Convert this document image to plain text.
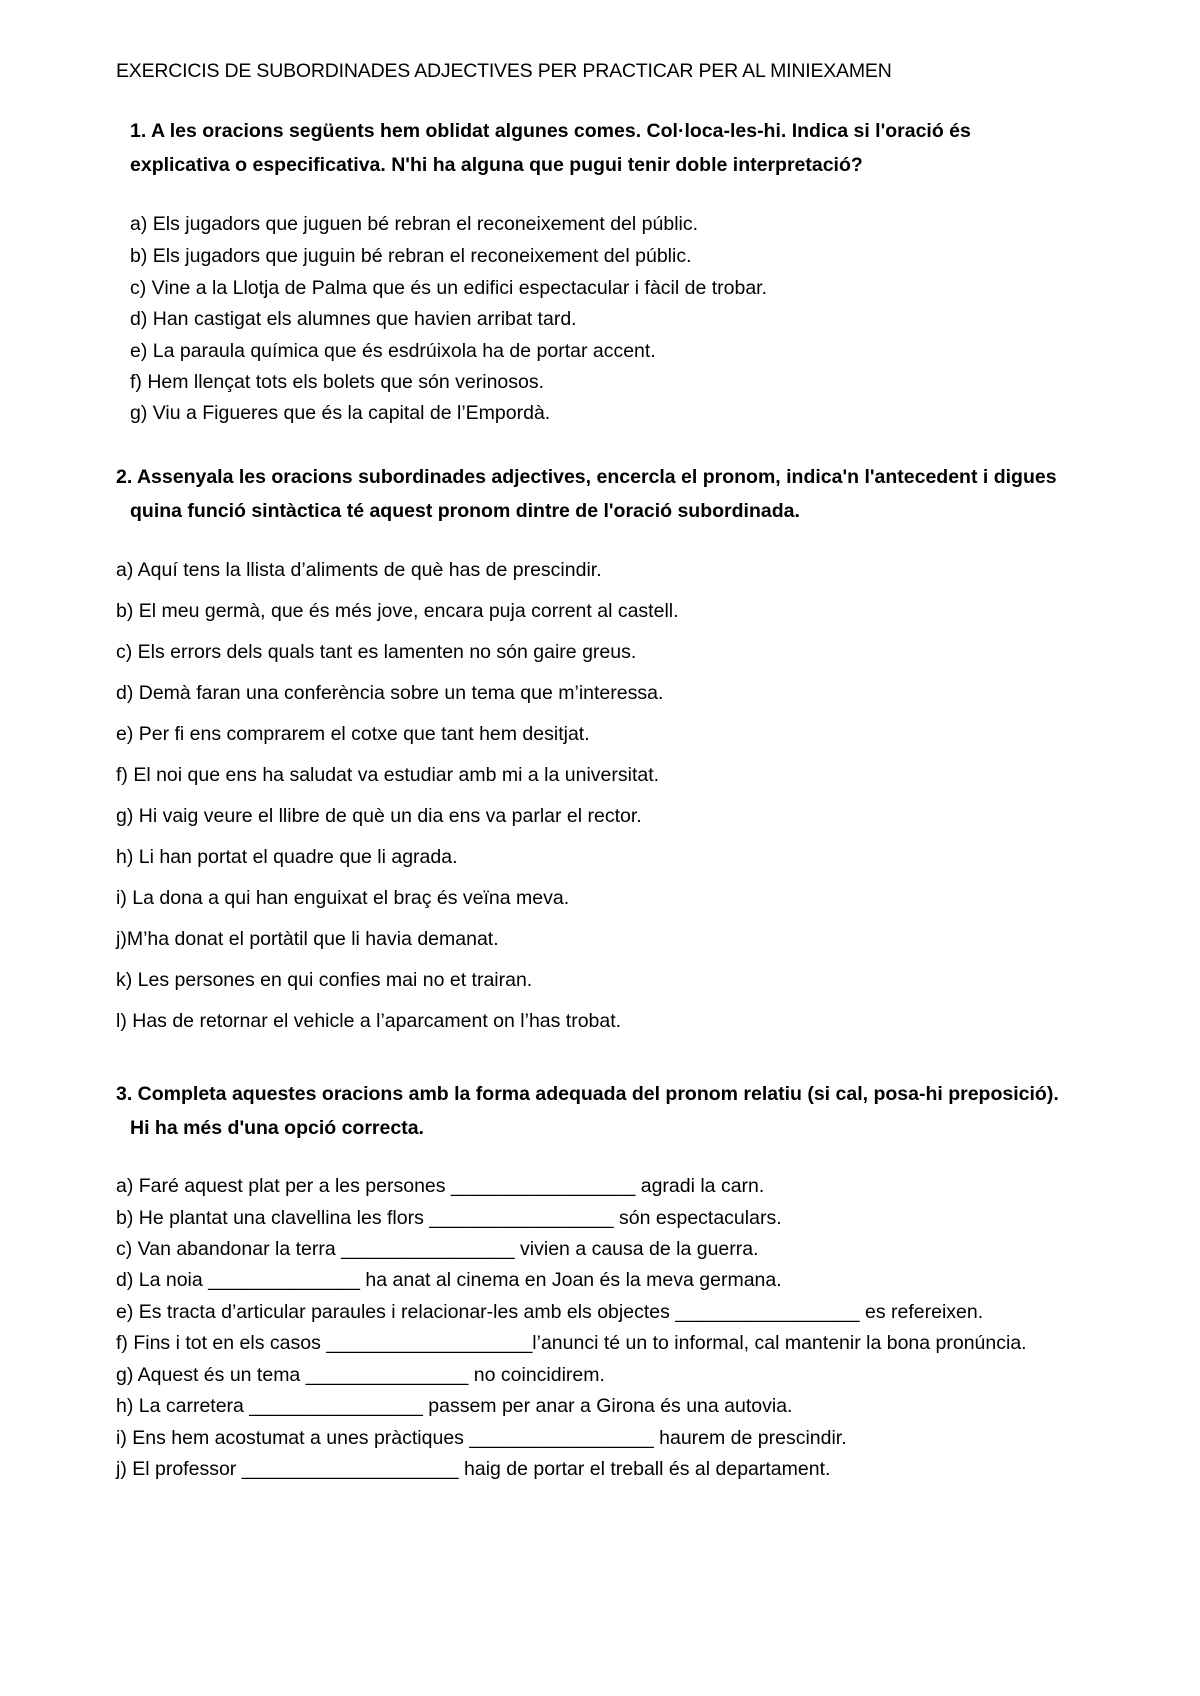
EXERCICIS DE SUBORDINADES ADJECTIVES PER PRACTICAR PER AL MINIEXAMEN
1. A les oracions següents hem oblidat algunes comes. Col·loca-les-hi. Indica si l'oració és
explicativa o especificativa. N'hi ha alguna que pugui tenir doble interpretació?
a) Els jugadors que juguen bé rebran el reconeixement del públic.
b) Els jugadors que juguin bé rebran el reconeixement del públic.
c) Vine a la Llotja de Palma que és un edifici espectacular i fàcil de trobar.
d) Han castigat els alumnes que havien arribat tard.
e) La paraula química que és esdrúixola ha de portar accent.
f) Hem llençat tots els bolets que són verinosos.
g) Viu a Figueres que és la capital de l’Empordà.
2. Assenyala les oracions subordinades adjectives, encercla el pronom, indica'n l'antecedent i digues
quina funció sintàctica té aquest pronom dintre de l'oració subordinada.
a) Aquí tens la llista d’aliments de què has de prescindir.
b) El meu germà, que és més jove, encara puja corrent al castell.
c) Els errors dels quals tant es lamenten no són gaire greus.
d) Demà faran una conferència sobre un tema que m’interessa.
e) Per fi ens comprarem el cotxe que tant hem desitjat.
f) El noi que ens ha saludat va estudiar amb mi a la universitat.
g) Hi vaig veure el llibre de què un dia ens va parlar el rector.
h) Li han portat el quadre que li agrada.
i) La dona a qui han enguixat el braç és veïna meva.
j)M’ha donat el portàtil que li havia demanat.
k) Les persones en qui confies mai no et trairan.
l) Has de retornar el vehicle a l’aparcament on l’has trobat.
3. Completa aquestes oracions amb la forma adequada del pronom relatiu (si cal, posa-hi preposició).
Hi ha més d'una opció correcta.
a) Faré aquest plat per a les persones _________________ agradi la carn.
b) He plantat una clavellina les flors _________________ són espectaculars.
c) Van abandonar la terra ________________ vivien a causa de la guerra.
d) La noia ______________ ha anat al cinema en Joan és la meva germana.
e) Es tracta d’articular paraules i relacionar-les amb els objectes _________________ es refereixen.
f) Fins i tot en els casos ___________________l’anunci té un to informal, cal mantenir la bona pronúncia.
g) Aquest és un tema _______________ no coincidirem.
h) La carretera ________________ passem per anar a Girona és una autovia.
i) Ens hem acostumat a unes pràctiques _________________ haurem de prescindir.
j) El professor ____________________ haig de portar el treball és al departament.
